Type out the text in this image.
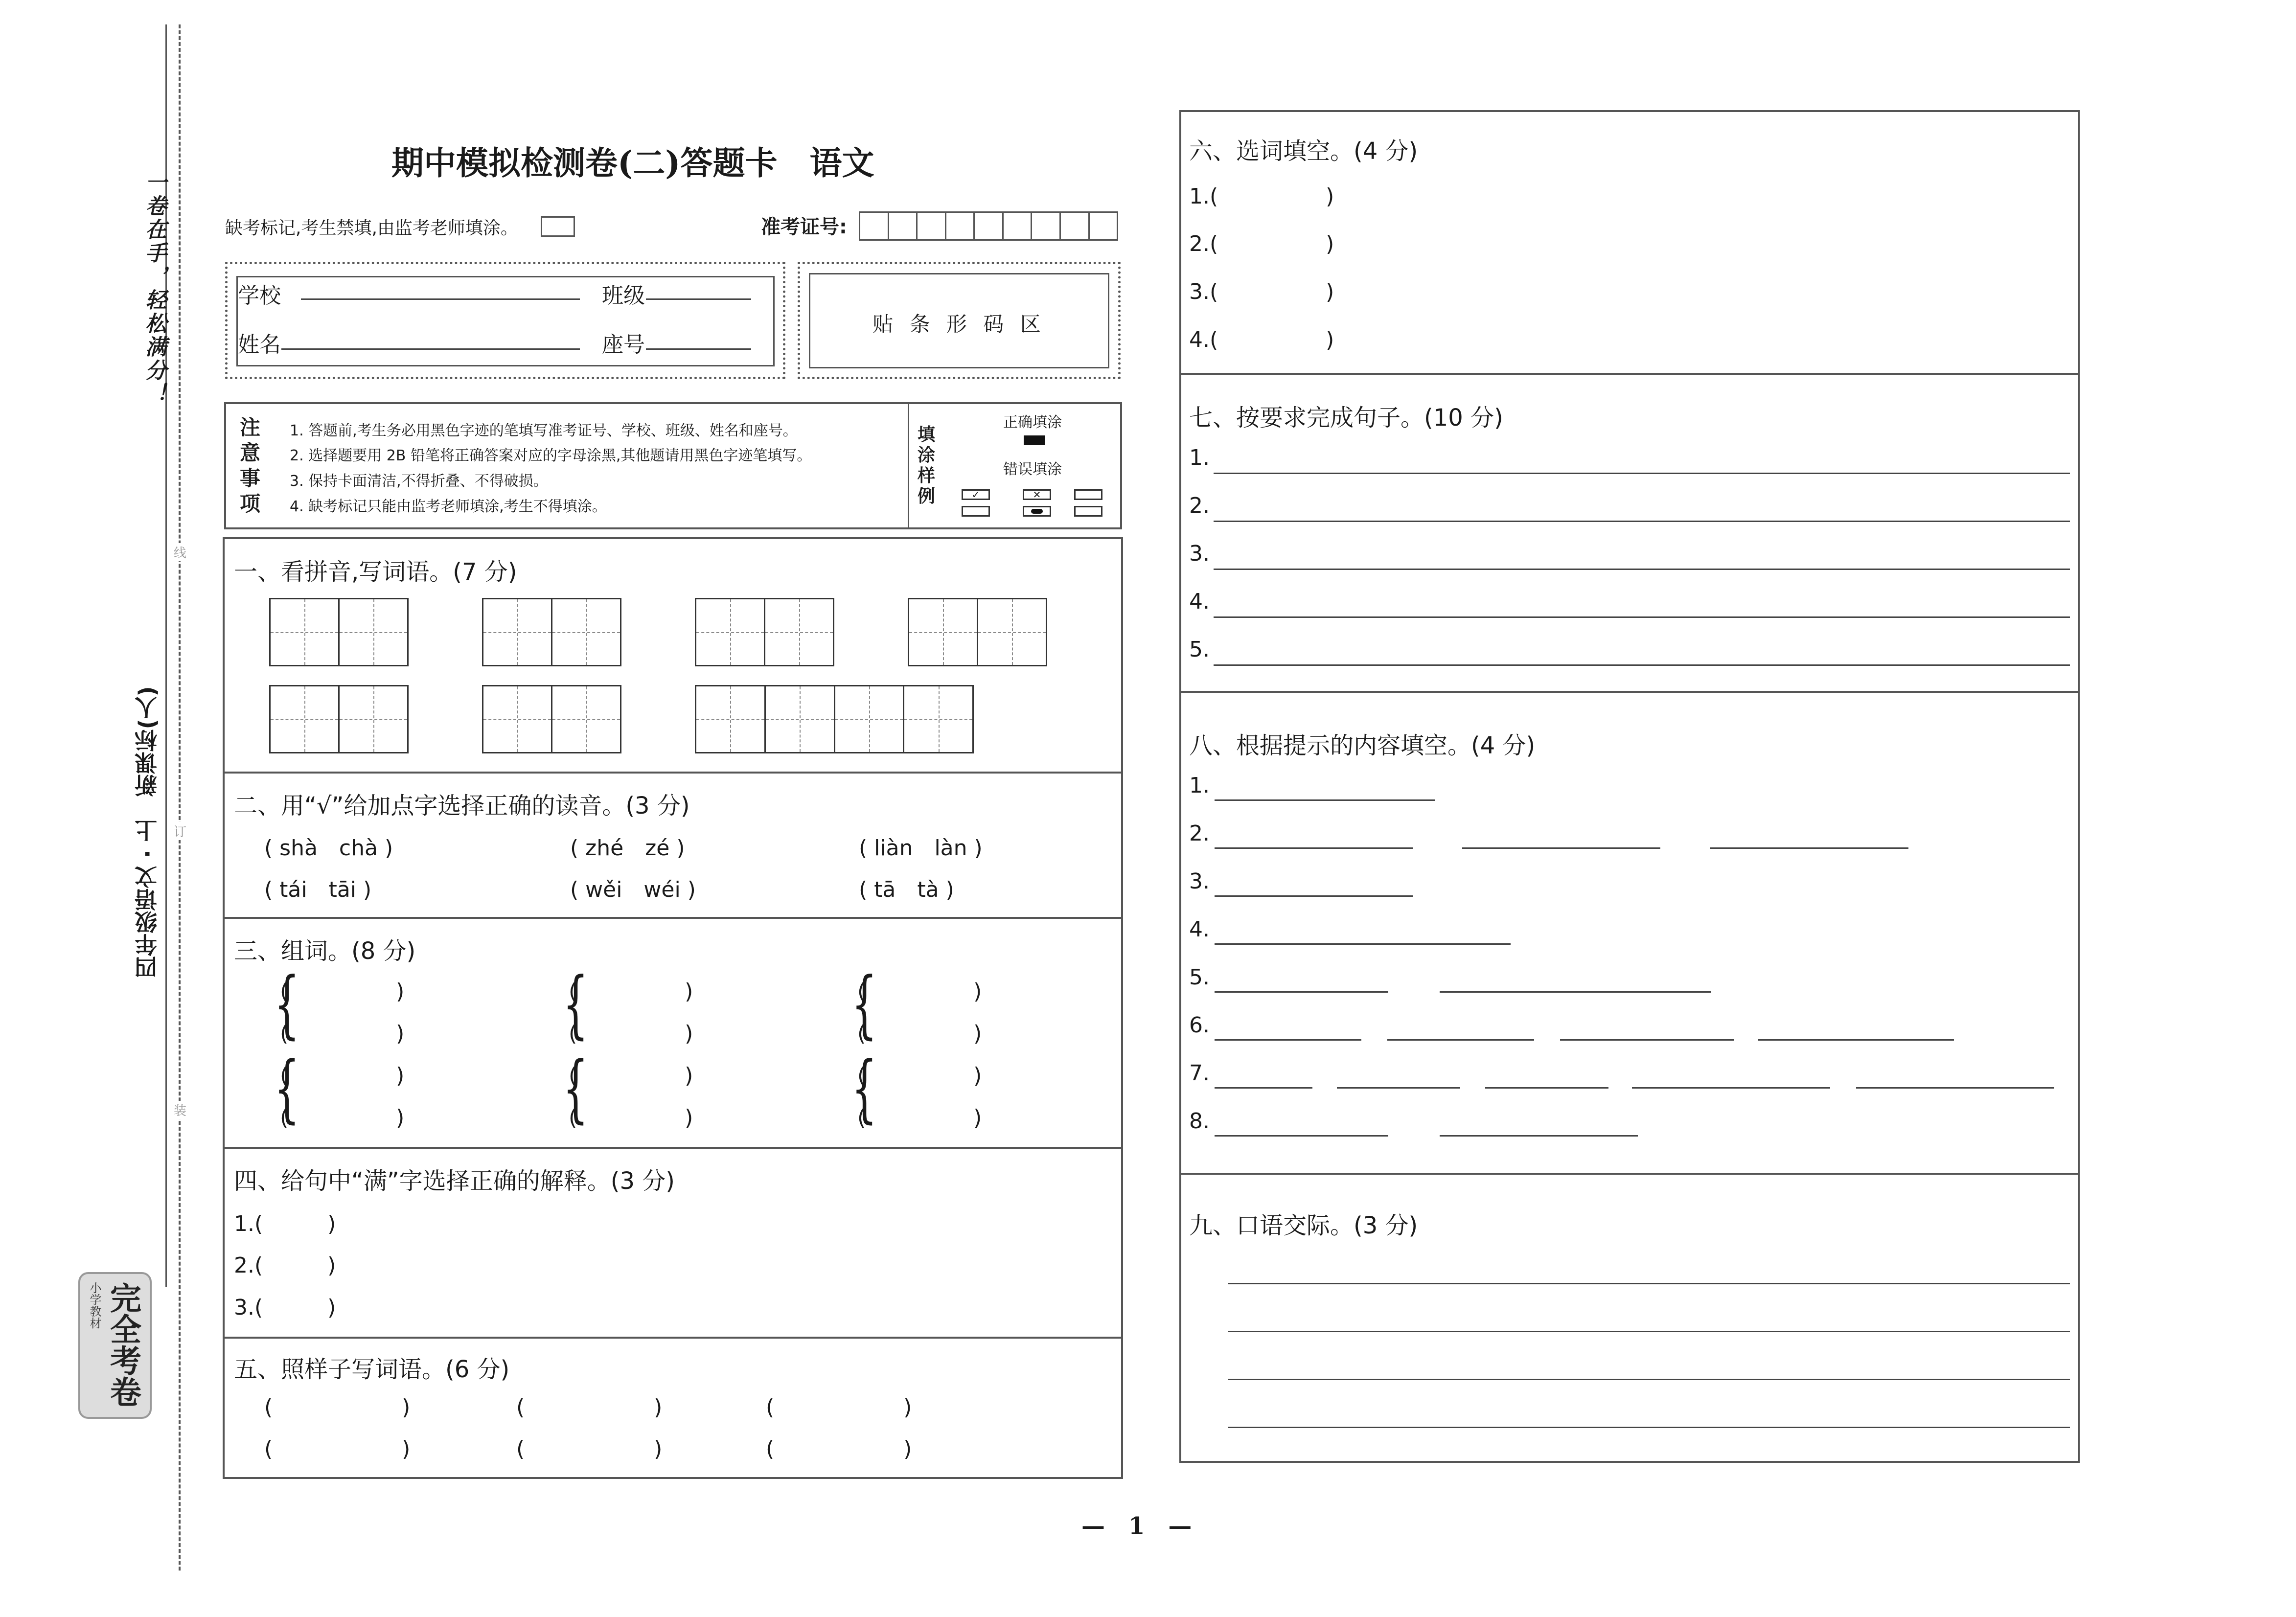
一卷在手，轻松满分！
四年级语文 · 上　新课标(人)
线
订
装
小学教材 完全考卷
期中模拟检测卷(二)答题卡　语文
缺考标记,考生禁填,由监考老师填涂。	准考证号:
学校	班级
姓名	座号
贴 条 形 码 区
注意事项
1. 答题前,考生务必用黑色字迹的笔填写准考证号、学校、班级、姓名和座号。
2. 选择题要用 2B 铅笔将正确答案对应的字母涂黑,其他题请用黑色字迹笔填写。
3. 保持卡面清洁,不得折叠、不得破损。
4. 缺考标记只能由监考老师填涂,考生不得填涂。
填涂样例
正确填涂
错误填涂
✓	✕
一、看拼音,写词语。(7 分)
二、用“√”给加点字选择正确的读音。(3 分)
( shà　chà )	( zhé　zé )	( liàn　làn )
( tái　tāi )	( wěi　wéi )	( tā　tà )
三、组词。(8 分)
{
(　　　　　)
(　　　　　)
{
(　　　　　)
(　　　　　)
{
(　　　　　)
(　　　　　)
{
(　　　　　)
(　　　　　)
{
(　　　　　)
(　　　　　)
{
(　　　　　)
(　　　　　)
四、给句中“满”字选择正确的解释。(3 分)
1.(　　　)
2.(　　　)
3.(　　　)
五、照样子写词语。(6 分)
(　　　　　　)
(　　　　　　)
(　　　　　　)
(　　　　　　)
(　　　　　　)
(　　　　　　)
六、选词填空。(4 分)
1.(　　　　　)
2.(　　　　　)
3.(　　　　　)
4.(　　　　　)
七、按要求完成句子。(10 分)
1.
2.
3.
4.
5.
八、根据提示的内容填空。(4 分)
1.
2.
3.
4.
5.
6.
7.
8.
九、口语交际。(3 分)
—　1　—
